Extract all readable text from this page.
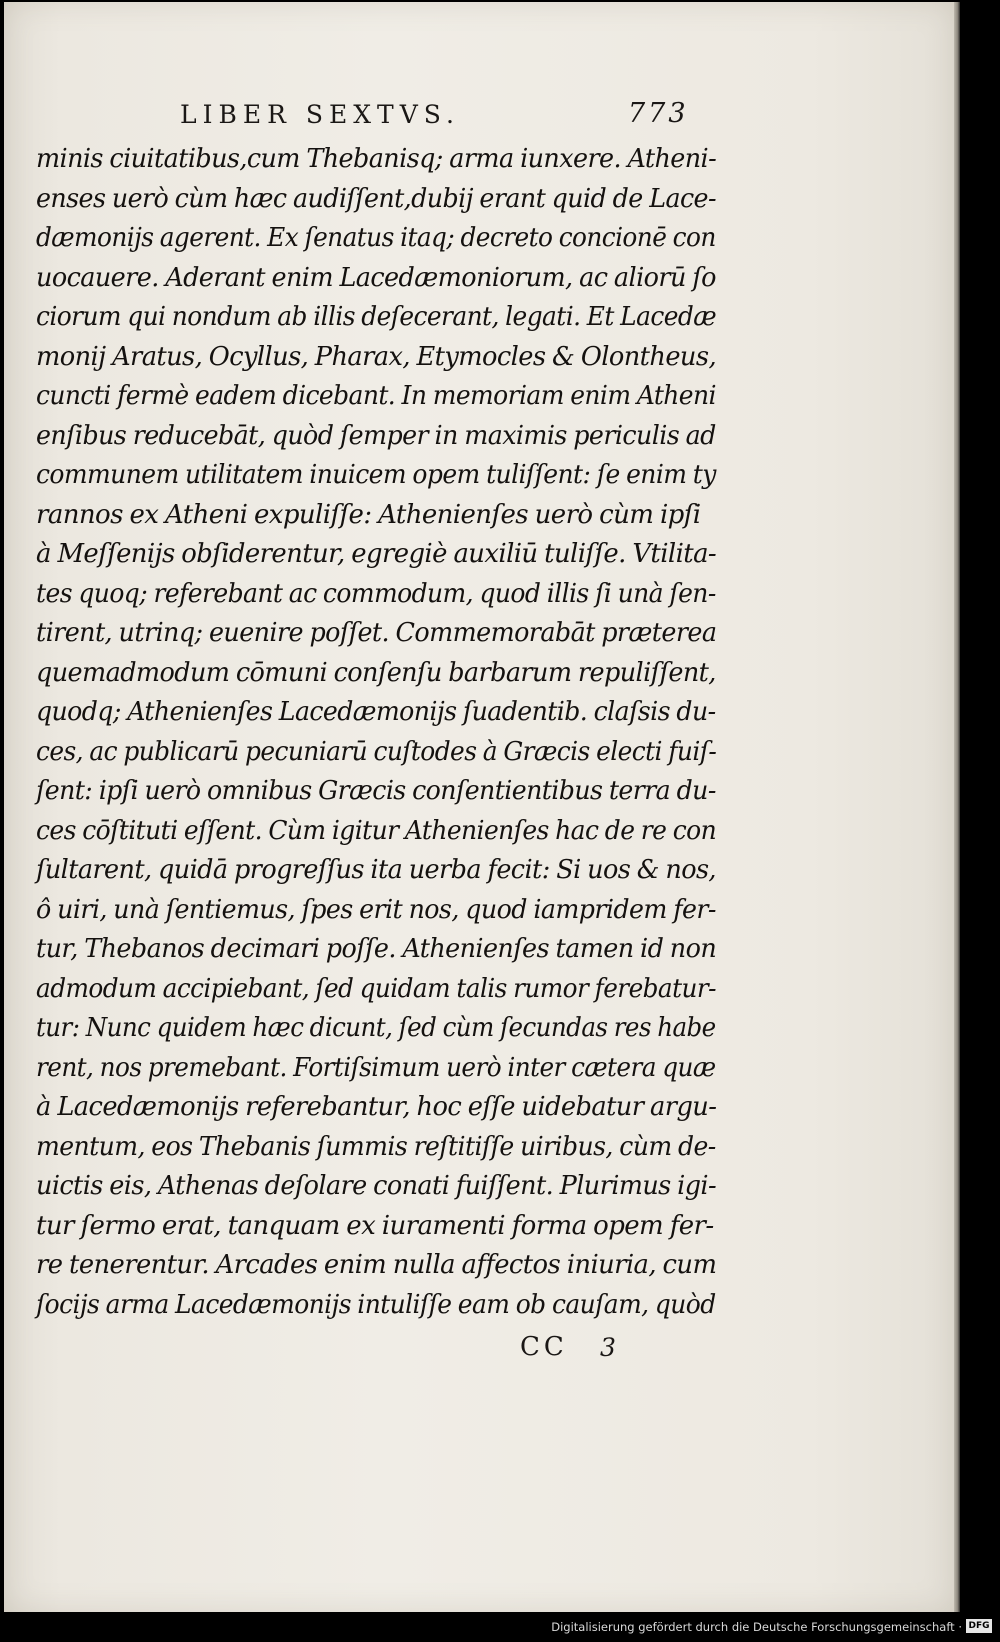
LIBER SEXTVS.	773
minis ciuitatibus,cum Thebanisq; arma iunxere. Atheni-
enses uerò cùm hæc audiſſent,dubij erant quid de Lace-
dæmonijs agerent. Ex ſenatus itaq; decreto concionē con
uocauere. Aderant enim Lacedæmoniorum, ac aliorū ſo
ciorum qui nondum ab illis deſecerant, legati. Et Lacedæ
monij Aratus, Ocyllus, Pharax, Etymocles & Olontheus,
cuncti fermè eadem dicebant. In memoriam enim Atheni
enſibus reducebāt, quòd ſemper in maximis periculis ad
communem utilitatem inuicem opem tuliſſent: ſe enim ty
rannos ex Atheni expuliſſe: Athenienſes uerò cùm ipſi
à Meſſenijs obſiderentur, egregiè auxiliū tuliſſe. Vtilita-
tes quoq; referebant ac commodum, quod illis ſi unà ſen-
tirent, utrinq; euenire poſſet. Commemorabāt præterea
quemadmodum cōmuni conſenſu barbarum repuliſſent,
quodq; Athenienſes Lacedæmonijs ſuadentib. claſsis du-
ces, ac publicarū pecuniarū cuſtodes à Græcis electi fuiſ-
ſent: ipſi uerò omnibus Græcis conſentientibus terra du-
ces cōſtituti eſſent. Cùm igitur Athenienſes hac de re con
ſultarent, quidā progreſſus ita uerba fecit: Si uos & nos,
ô uiri, unà ſentiemus, ſpes erit nos, quod iampridem fer-
tur, Thebanos decimari poſſe. Athenienſes tamen id non
admodum accipiebant, ſed quidam talis rumor ferebatur-
tur: Nunc quidem hæc dicunt, ſed cùm ſecundas res habe
rent, nos premebant. Fortiſsimum uerò inter cætera quæ
à Lacedæmonijs referebantur, hoc eſſe uidebatur argu-
mentum, eos Thebanis ſummis reſtitiſſe uiribus, cùm de-
uictis eis, Athenas deſolare conati fuiſſent. Plurimus igi-
tur ſermo erat, tanquam ex iuramenti forma opem fer-
re tenerentur. Arcades enim nulla affectos iniuria, cum
ſocijs arma Lacedæmonijs intuliſſe eam ob cauſam, quòd
CC 3
Digitalisierung gefördert durch die Deutsche Forschungsgemeinschaft · DFG
